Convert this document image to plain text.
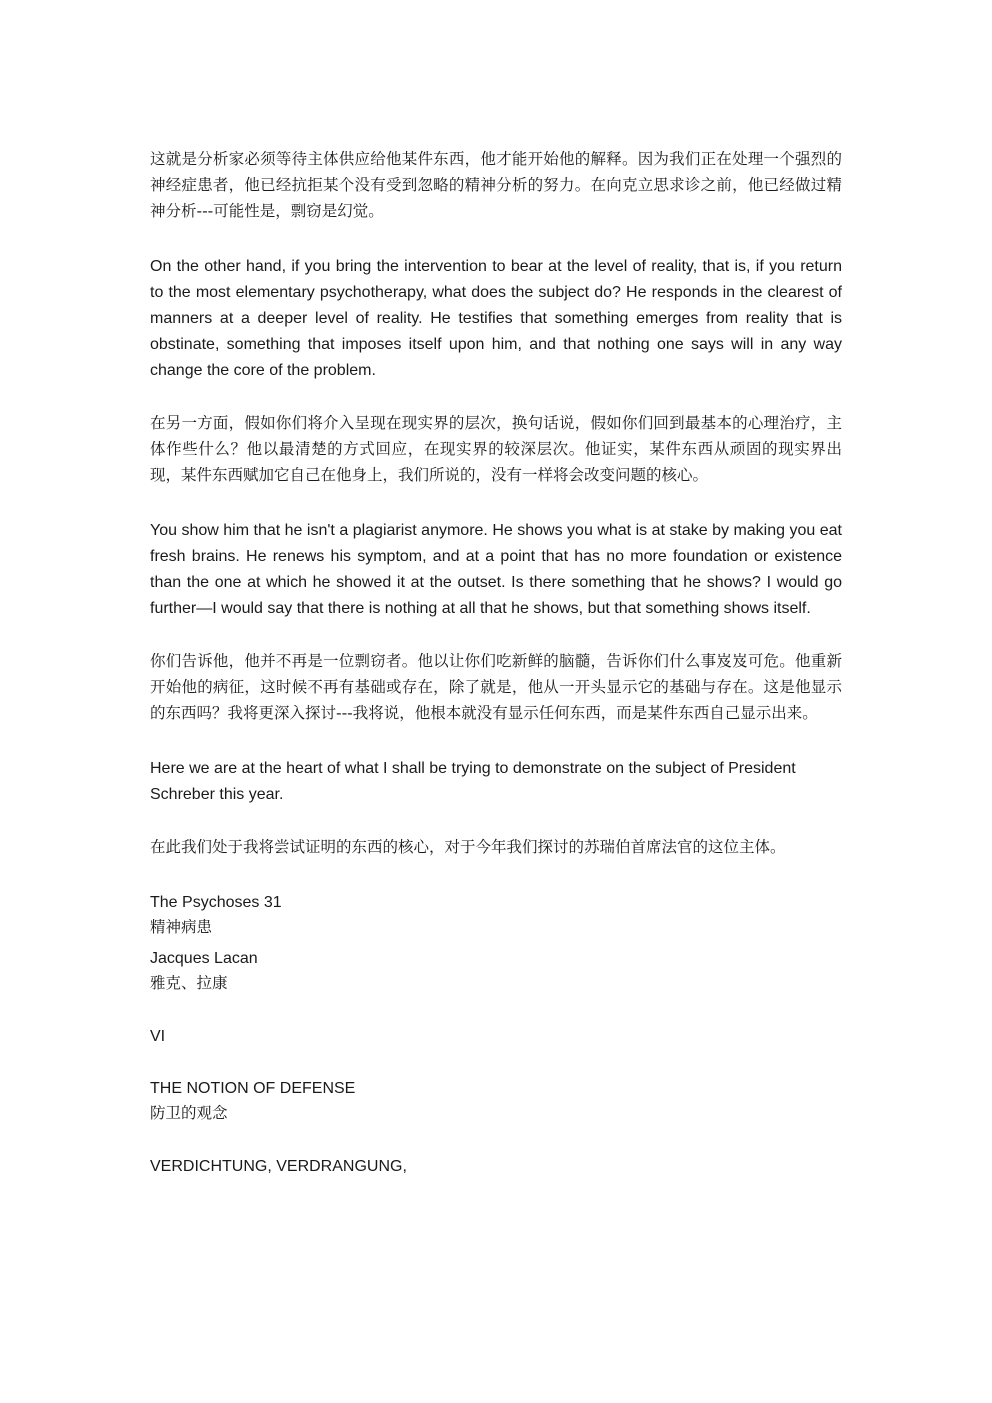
这就是分析家必须等待主体供应给他某件东西，他才能开始他的解释。因为我们正在处理一个强烈的神经症患者，他已经抗拒某个没有受到忽略的精神分析的努力。在向克立思求诊之前，他已经做过精神分析---可能性是，剽窃是幻觉。

On the other hand, if you bring the intervention to bear at the level of reality, that is, if you return to the most elementary psychotherapy, what does the subject do? He responds in the clearest of manners at a deeper level of reality. He testifies that something emerges from reality that is obstinate, something that imposes itself upon him, and that nothing one says will in any way change the core of the problem.

在另一方面，假如你们将介入呈现在现实界的层次，换句话说，假如你们回到最基本的心理治疗，主体作些什么？他以最清楚的方式回应，在现实界的较深层次。他证实，某件东西从顽固的现实界出现，某件东西赋加它自己在他身上，我们所说的，没有一样将会改变问题的核心。

You show him that he isn't a plagiarist anymore. He shows you what is at stake by making you eat fresh brains. He renews his symptom, and at a point that has no more foundation or existence than the one at which he showed it at the outset. Is there something that he shows? I would go further—I would say that there is nothing at all that he shows, but that something shows itself.

你们告诉他，他并不再是一位剽窃者。他以让你们吃新鲜的脑髓，告诉你们什么事岌岌可危。他重新开始他的病征，这时候不再有基础或存在，除了就是，他从一开头显示它的基础与存在。这是他显示的东西吗？我将更深入探讨---我将说，他根本就没有显示任何东西，而是某件东西自己显示出来。

Here we are at the heart of what I shall be trying to demonstrate on the subject of President Schreber this year.

在此我们处于我将尝试证明的东西的核心，对于今年我们探讨的苏瑞伯首席法官的这位主体。

The Psychoses 31
精神病患
Jacques Lacan
雅克、拉康
VI
THE NOTION OF DEFENSE
防卫的观念
VERDICHTUNG, VERDRANGUNG,
